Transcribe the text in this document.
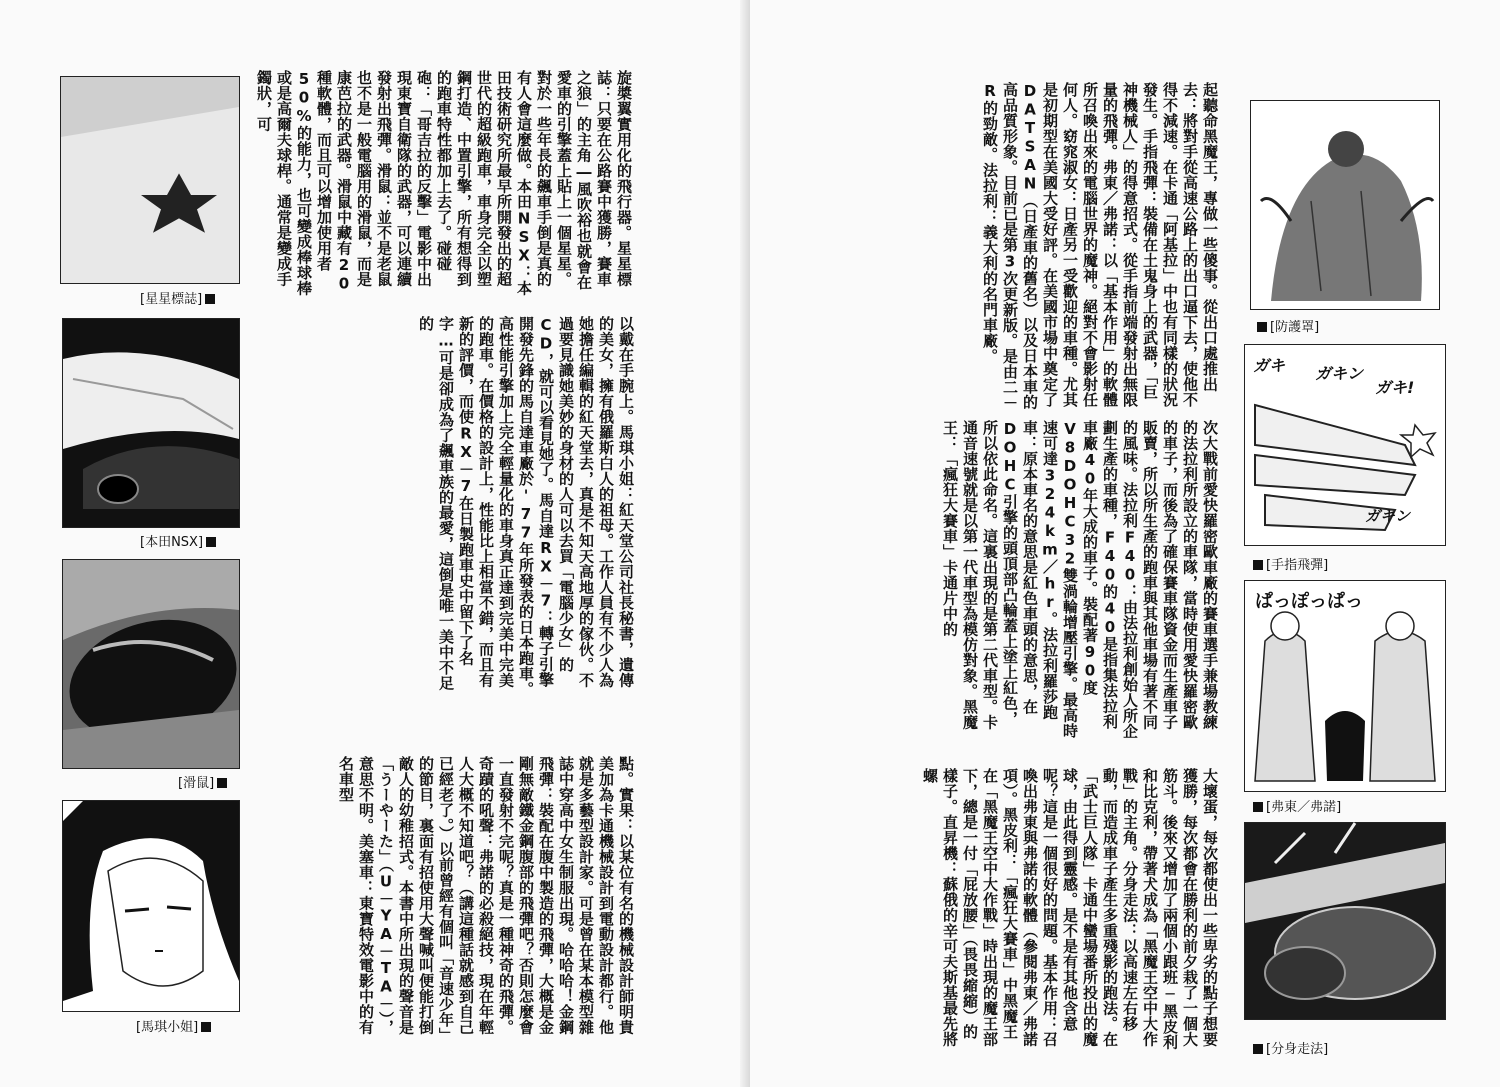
旋槳翼實用化的飛行器。星星標誌：只要在公路賽中獲勝，賽車之狼」的主角―風吹裕也就會在愛車的引擎蓋上貼上一個星星。對於一些年長的飆車手倒是真的有人會這麼做。本田NSX：本田技術研究所最早所開發出的超世代的超級跑車，車身完全以塑鋼打造、中置引擎，所有想得到的跑車特性都加上去了。碰碰砲：「哥吉拉的反擊」電影中出現東寶自衛隊的武器，可以連續發射出飛彈。滑鼠：並不是老鼠也不是一般電腦用的滑鼠，而是康芭拉的武器。滑鼠中藏有20種軟體，而且可以增加使用者50%的能力，也可變成棒球棒或是高爾夫球桿。通常是變成手鐲狀，可
[星星標誌]
以戴在手腕上。馬琪小姐：紅天堂公司社長秘書，遺傳的美女，擁有俄羅斯白人的祖母。工作人員有不少人為她擔任編輯的紅天堂去，真是不知天高地厚的傢伙。不過要見識她美妙的身材的人可以去買「電腦少女」的CD，就可以看見她了。馬自達RX－7：轉子引擎開發先鋒的馬自達車廠於'77年所發表的日本跑車。高性能引擎加上完全輕量化的車身真正達到完美中完美的跑車。在價格的設計上，性能比上相當不錯，而且有新的評價，而使RX－7在日製跑車史中留下了名字…可是卻成為了飆車族的最愛，這倒是唯一美中不足的
[本田NSX]
[滑鼠]	點。實果：以某位有名的機械設計師明貴美加為卡通機械設計到電動設計都行。他就是多藝型設計家。可是曾在某本模型雜誌中穿高中女生制服出現。哈哈哈！金鋼飛彈：裝配在腹中製造的飛彈，大概是金剛無敵鐵金鋼腹部的飛彈吧？否則怎麼會一直發射不完呢？真是一種神奇的飛彈。奇蹟的吼聲：弗諾的必殺絕技，現在年輕人大概不知道吧？（講這種話就感到自己已經老了。）以前曾經有個叫「音速少年」的節目，裏面有招使用大聲喊叫便能打倒敵人的幼稚招式。本書中所出現的聲音是「うーやーた」（U－YA－TA－），意思不明。美塞車：東寶特效電影中的有名車型
[馬琪小姐]
起聽命黑魔王，專做一些傻事。從出口處推出去：將對手從高速公路上的出口逼下去，使他不得不減速。在卡通「阿基拉」中也有同樣的狀況發生。手指飛彈：裝備在土鬼身上的武器，「巨神機械人」的得意招式。從手指前端發射出無限量的飛彈。弗東／弗諾：以「基本作用」的軟體所召喚出來的電腦世界的魔神。絕對不會影射任何人。窈窕淑女：日產另一受歡迎的車種。尤其是初期型在美國大受好評。在美國市場中奠定了DATSAN（日產車的舊名）以及日本車的高品質形象。目前已是第3次更新版。是由二－R的勁敵。法拉利：義大利的名門車廠。	[防護罩]
ガキ ガキン
ガキ!
ガキン
[手指飛彈]
次大戰前愛快羅密歐車廠的賽車選手兼場教練的法拉利所設立的車隊，當時使用愛快羅密歐的車子，而後為了確保賽車隊資金而生產車子販賣，所以所生產的跑車與其他車場有著不同的風味。法拉利F40：由法拉利創始人所企劃生產的車種，F40的40是指集法拉利車廠40年大成的車子。裝配著90度V8DOHC32雙渦輪增壓引擎。最高時速可達324km／hr。法拉利羅莎跑車：原本車名的意思是紅色車頭的意思，在DOHC引擎的頭頂部凸輪蓋上塗上紅色，所以依此命名。這裏出現的是第二代車型。卡通音速號就是以第一代車型為模仿對象。黑魔王：「瘋狂大賽車」卡通片中的	ぱっぽっぱっ
[弗東／弗諾]
大壞蛋，每次都使出一些卑劣的點子想要獲勝，每次都會在勝利的前夕栽了一個大筋斗。後來又增加了兩個小跟班─黑皮利和比克利，帶著犬成為「黑魔王空中大作戰」的主角。分身走法：以高速左右移動，而造成車子產生多重殘影的跑法。在「武士巨人隊」卡通中蠻場番所投出的魔球，由此得到靈感。是不是有其他含意呢？這是一個很好的問題。基本作用：召喚出弗東與弗諾的軟體（參閱弗東／弗諾項）。黑皮利：「瘋狂大賽車」中黑魔王在「黑魔王空中大作戰」時出現的魔王部下，總是一付「屁放腰」（畏畏縮縮）的樣子。直昇機：蘇俄的辛可夫斯基最先將螺
[分身走法]
